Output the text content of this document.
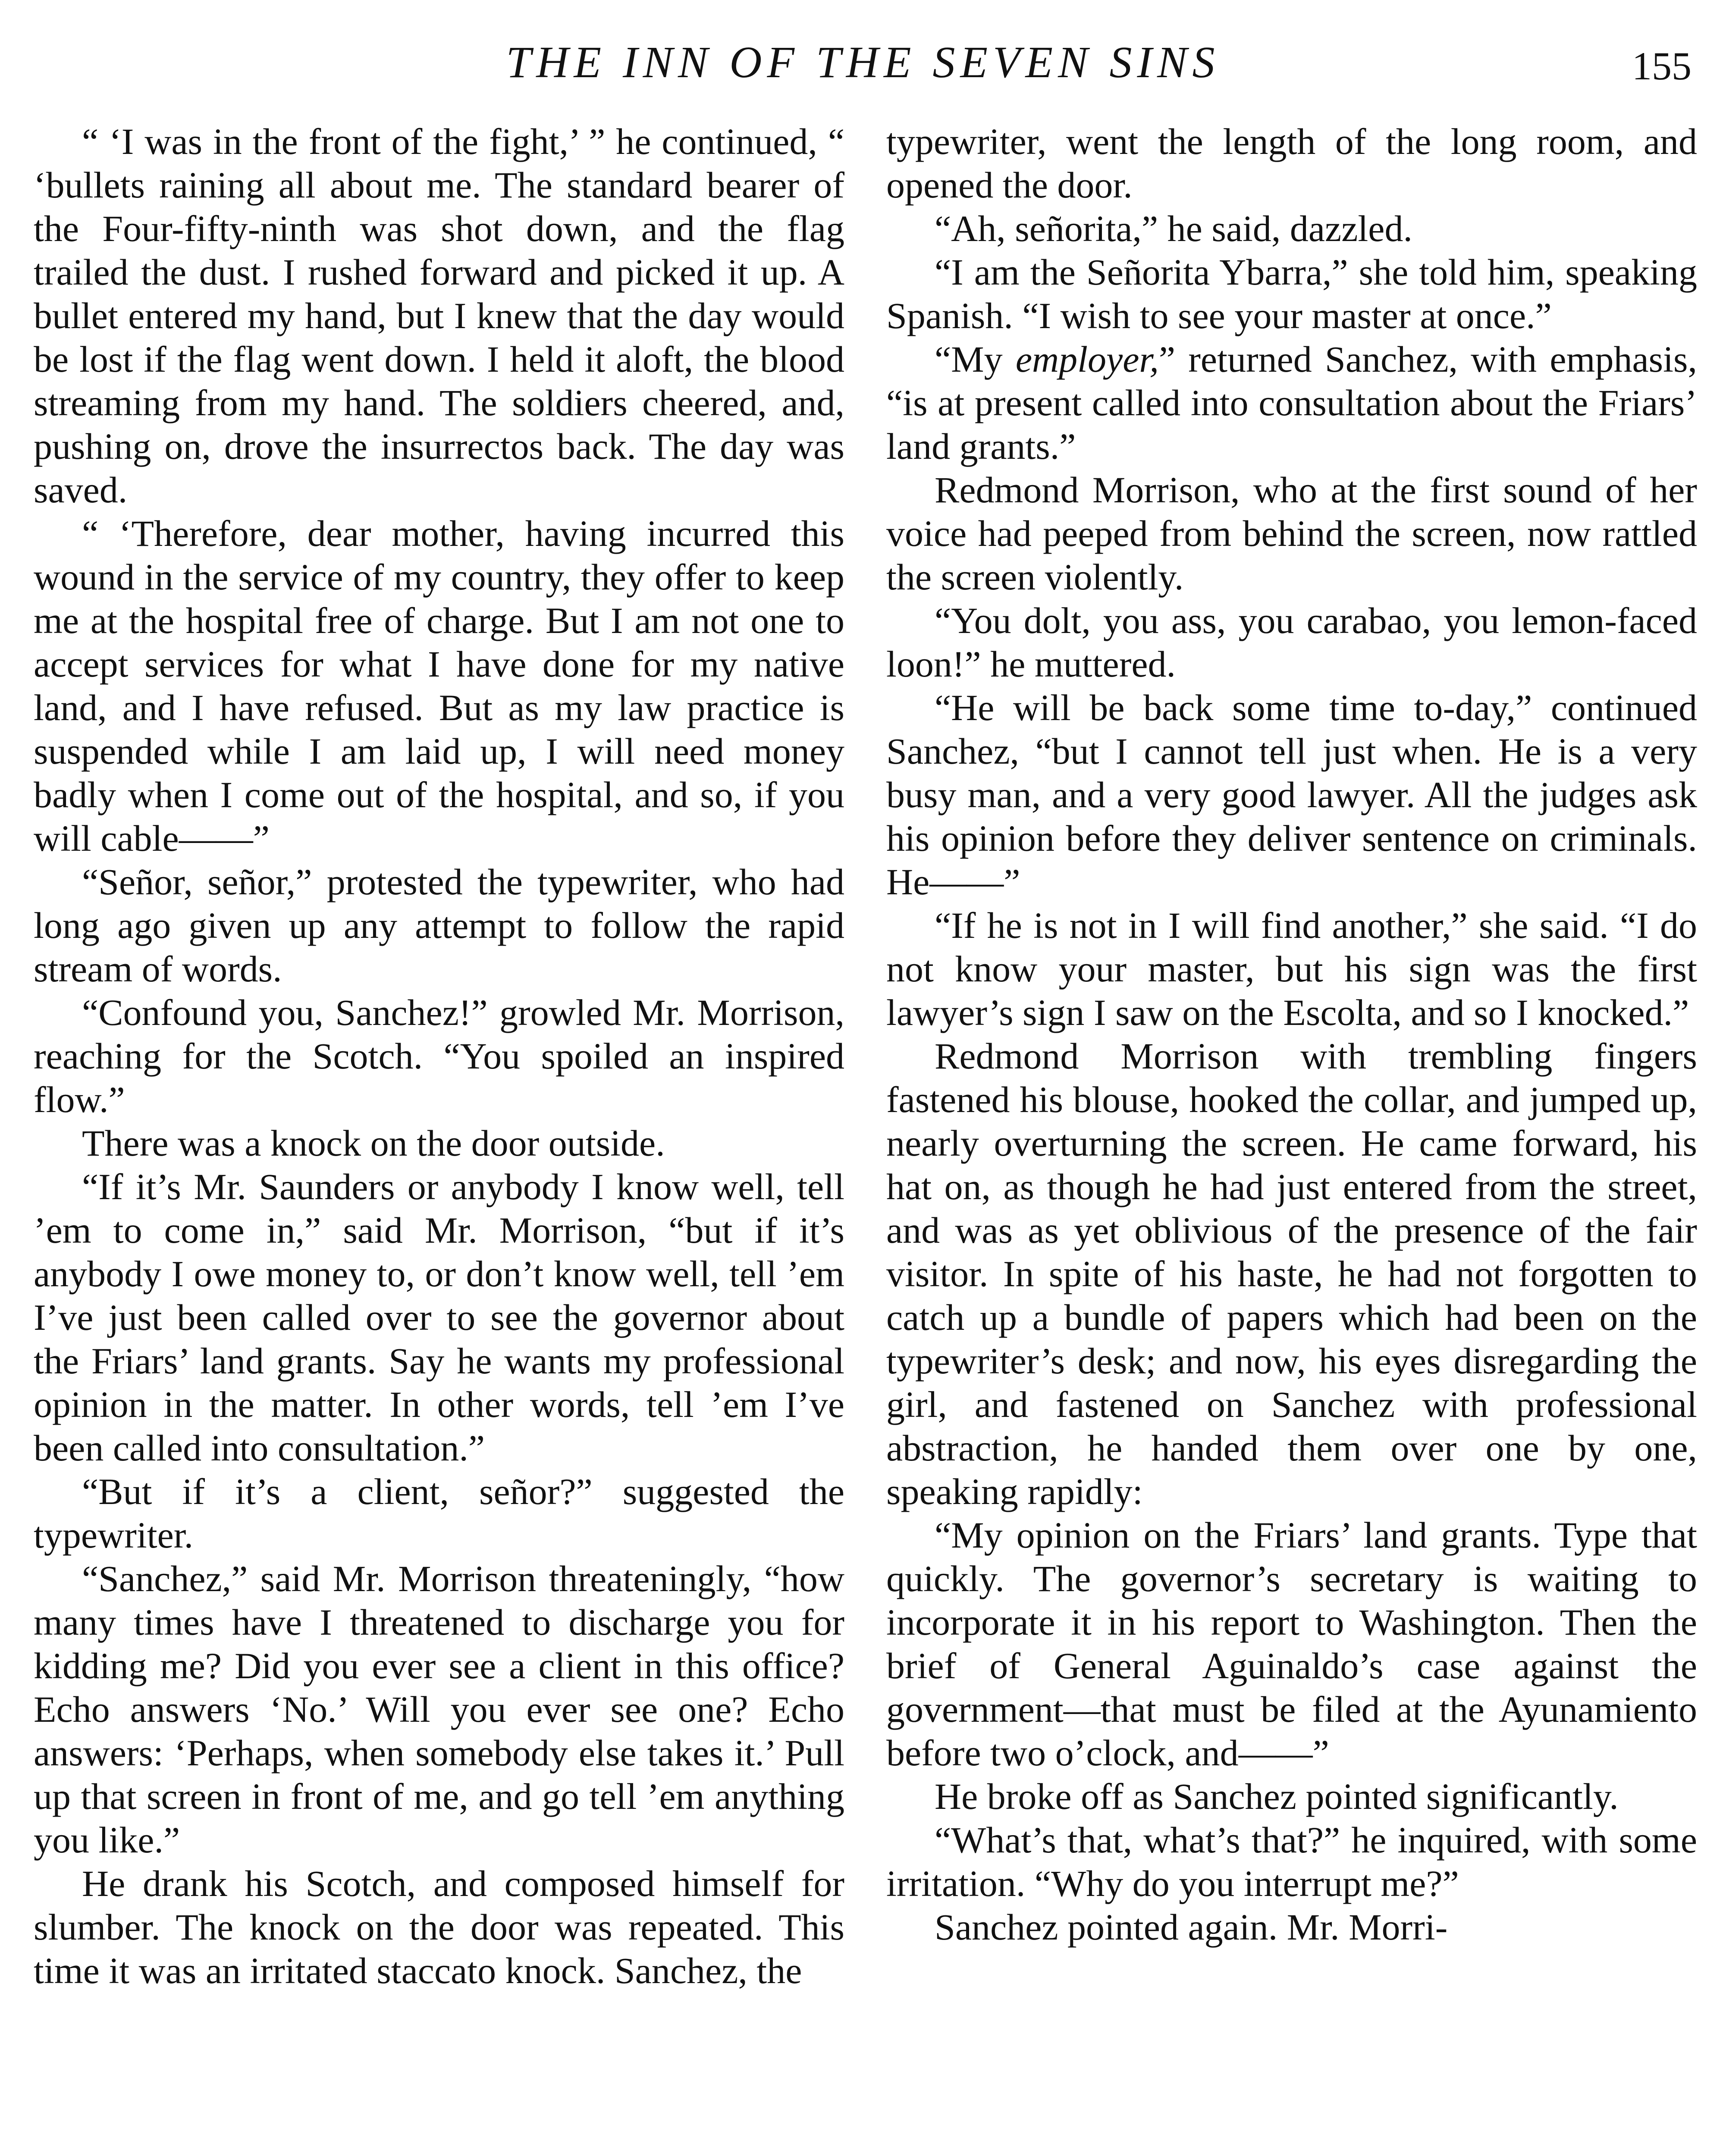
THE INN OF THE SEVEN SINS	155

“ ‘I was in the front of the fight,’ ” he continued, “ ‘bullets raining all about me. The standard bearer of the Four-fifty-ninth was shot down, and the flag trailed the dust. I rushed forward and picked it up. A bullet entered my hand, but I knew that the day would be lost if the flag went down. I held it aloft, the blood streaming from my hand. The soldiers cheered, and, pushing on, drove the insurrectos back. The day was saved.

“ ‘Therefore, dear mother, having incurred this wound in the service of my country, they offer to keep me at the hospital free of charge. But I am not one to accept services for what I have done for my native land, and I have refused. But as my law practice is suspended while I am laid up, I will need money badly when I come out of the hospital, and so, if you will cable——”

“Señor, señor,” protested the typewriter, who had long ago given up any attempt to follow the rapid stream of words.

“Confound you, Sanchez!” growled Mr. Morrison, reaching for the Scotch. “You spoiled an inspired flow.”

There was a knock on the door outside.

“If it’s Mr. Saunders or anybody I know well, tell ’em to come in,” said Mr. Morrison, “but if it’s anybody I owe money to, or don’t know well, tell ’em I’ve just been called over to see the governor about the Friars’ land grants. Say he wants my professional opinion in the matter. In other words, tell ’em I’ve been called into consultation.”

“But if it’s a client, señor?” suggested the typewriter.

“Sanchez,” said Mr. Morrison threateningly, “how many times have I threatened to discharge you for kidding me? Did you ever see a client in this office? Echo answers ‘No.’ Will you ever see one? Echo answers: ‘Perhaps, when somebody else takes it.’ Pull up that screen in front of me, and go tell ’em anything you like.”

He drank his Scotch, and composed himself for slumber. The knock on the door was repeated. This time it was an irritated staccato knock. Sanchez, the

typewriter, went the length of the long room, and opened the door.

“Ah, señorita,” he said, dazzled.

“I am the Señorita Ybarra,” she told him, speaking Spanish. “I wish to see your master at once.”

“My employer,” returned Sanchez, with emphasis, “is at present called into consultation about the Friars’ land grants.”

Redmond Morrison, who at the first sound of her voice had peeped from behind the screen, now rattled the screen violently.

“You dolt, you ass, you carabao, you lemon-faced loon!” he muttered.

“He will be back some time to-day,” continued Sanchez, “but I cannot tell just when. He is a very busy man, and a very good lawyer. All the judges ask his opinion before they deliver sentence on criminals. He——”

“If he is not in I will find another,” she said. “I do not know your master, but his sign was the first lawyer’s sign I saw on the Escolta, and so I knocked.”

Redmond Morrison with trembling fingers fastened his blouse, hooked the collar, and jumped up, nearly overturning the screen. He came forward, his hat on, as though he had just entered from the street, and was as yet oblivious of the presence of the fair visitor. In spite of his haste, he had not forgotten to catch up a bundle of papers which had been on the typewriter’s desk; and now, his eyes disregarding the girl, and fastened on Sanchez with professional abstraction, he handed them over one by one, speaking rapidly:

“My opinion on the Friars’ land grants. Type that quickly. The governor’s secretary is waiting to incorporate it in his report to Washington. Then the brief of General Aguinaldo’s case against the government—that must be filed at the Ayunamiento before two o’clock, and——”

He broke off as Sanchez pointed significantly.

“What’s that, what’s that?” he inquired, with some irritation. “Why do you interrupt me?”

Sanchez pointed again. Mr. Morri-
